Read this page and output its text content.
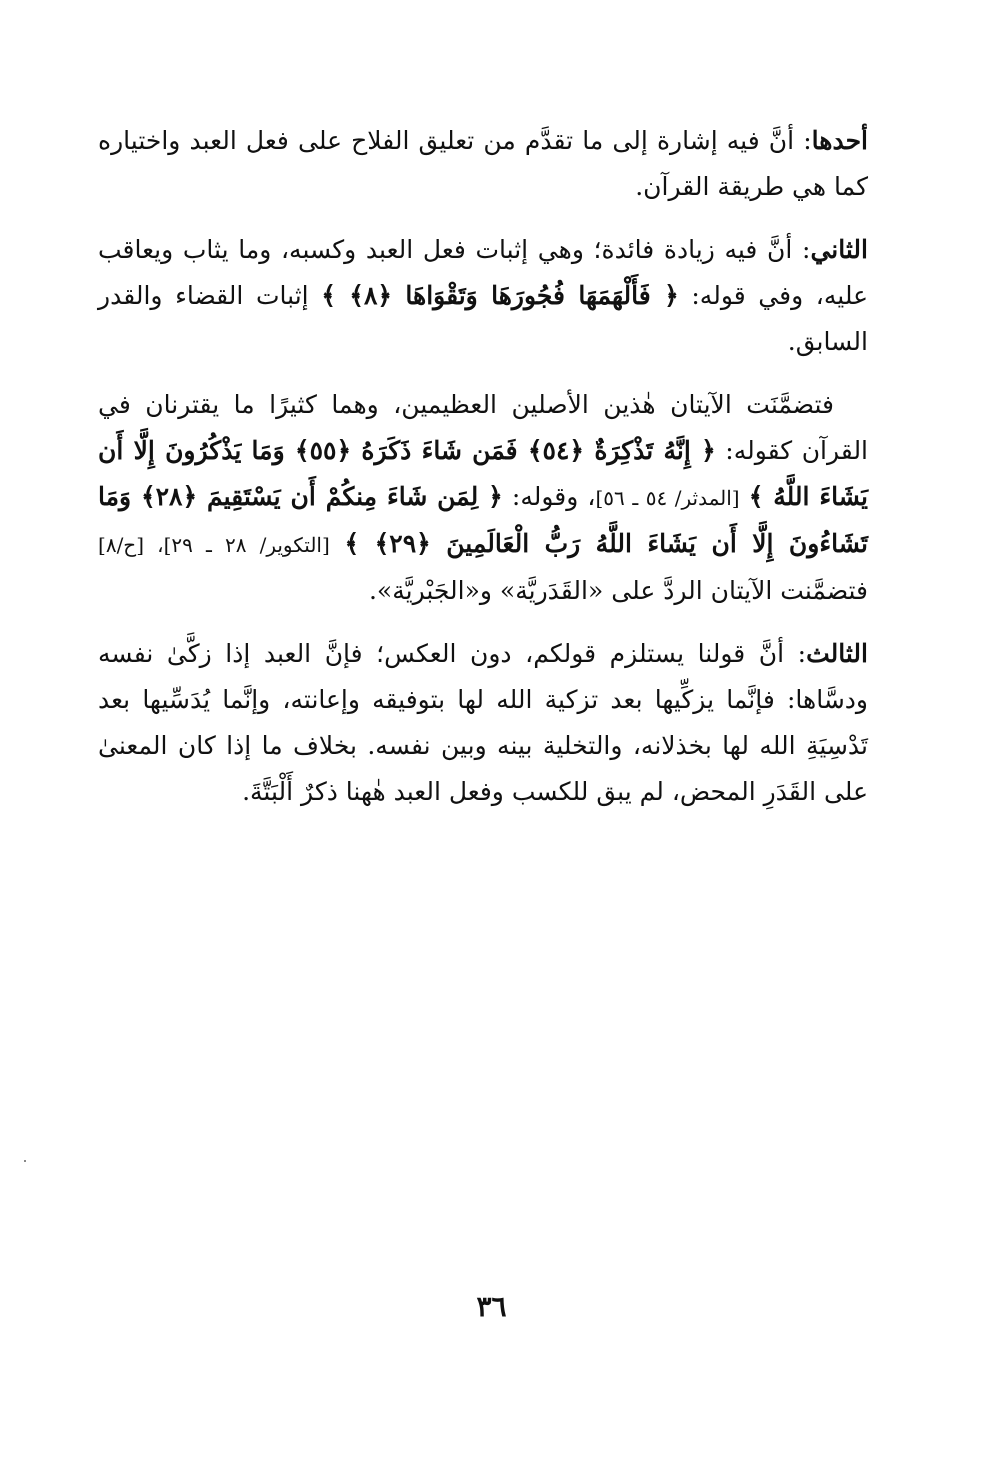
أحدها: أنَّ فيه إشارة إلى ما تقدَّم من تعليق الفلاح على فعل العبد واختياره كما هي طريقة القرآن.

الثاني: أنَّ فيه زيادة فائدة؛ وهي إثبات فعل العبد وكسبه، وما يثاب ويعاقب عليه، وفي قوله: ﴿ فَأَلْهَمَهَا فُجُورَهَا وَتَقْوَاهَا ﴿٨﴾ ﴾ إثبات القضاء والقدر السابق.

فتضمَّنَت الآيتان هٰذين الأصلين العظيمين، وهما كثيرًا ما يقترنان في القرآن كقوله: ﴿ إِنَّهُ تَذْكِرَةٌ ﴿٥٤﴾ فَمَن شَاءَ ذَكَرَهُ ﴿٥٥﴾ وَمَا يَذْكُرُونَ إِلَّا أَن يَشَاءَ اللَّهُ ﴾ [المدثر/ ٥٤ ـ ٥٦]، وقوله: ﴿ لِمَن شَاءَ مِنكُمْ أَن يَسْتَقِيمَ ﴿٢٨﴾ وَمَا تَشَاءُونَ إِلَّا أَن يَشَاءَ اللَّهُ رَبُّ الْعَالَمِينَ ﴿٢٩﴾ ﴾ [التكوير/ ٢٨ ـ ٢٩]، [ح/٨] فتضمَّنت الآيتان الردَّ على «القَدَريَّة» و«الجَبْريَّة».

الثالث: أنَّ قولنا يستلزم قولكم، دون العكس؛ فإنَّ العبد إذا زكَّىٰ نفسه ودسَّاها: فإنَّما يزكِّيها بعد تزكية الله لها بتوفيقه وإعانته، وإنَّما يُدَسِّيها بعد تَدْسِيَةِ الله لها بخذلانه، والتخلية بينه وبين نفسه. بخلاف ما إذا كان المعنىٰ على القَدَرِ المحض، لم يبق للكسب وفعل العبد هٰهنا ذكرٌ أَلْبَتَّةَ.

٣٦
